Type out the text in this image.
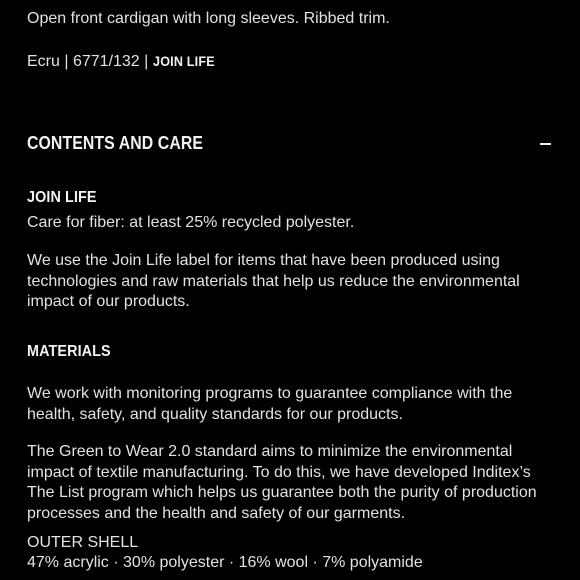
Open front cardigan with long sleeves. Ribbed trim.
Ecru | 6771/132 | JOIN LIFE
CONTENTS AND CARE
JOIN LIFE
Care for fiber: at least 25% recycled polyester.
We use the Join Life label for items that have been produced using technologies and raw materials that help us reduce the environmental impact of our products.
MATERIALS
We work with monitoring programs to guarantee compliance with the health, safety, and quality standards for our products.
The Green to Wear 2.0 standard aims to minimize the environmental impact of textile manufacturing. To do this, we have developed Inditex’s The List program which helps us guarantee both the purity of production processes and the health and safety of our garments.
OUTER SHELL
47% acrylic · 30% polyester · 16% wool · 7% polyamide
